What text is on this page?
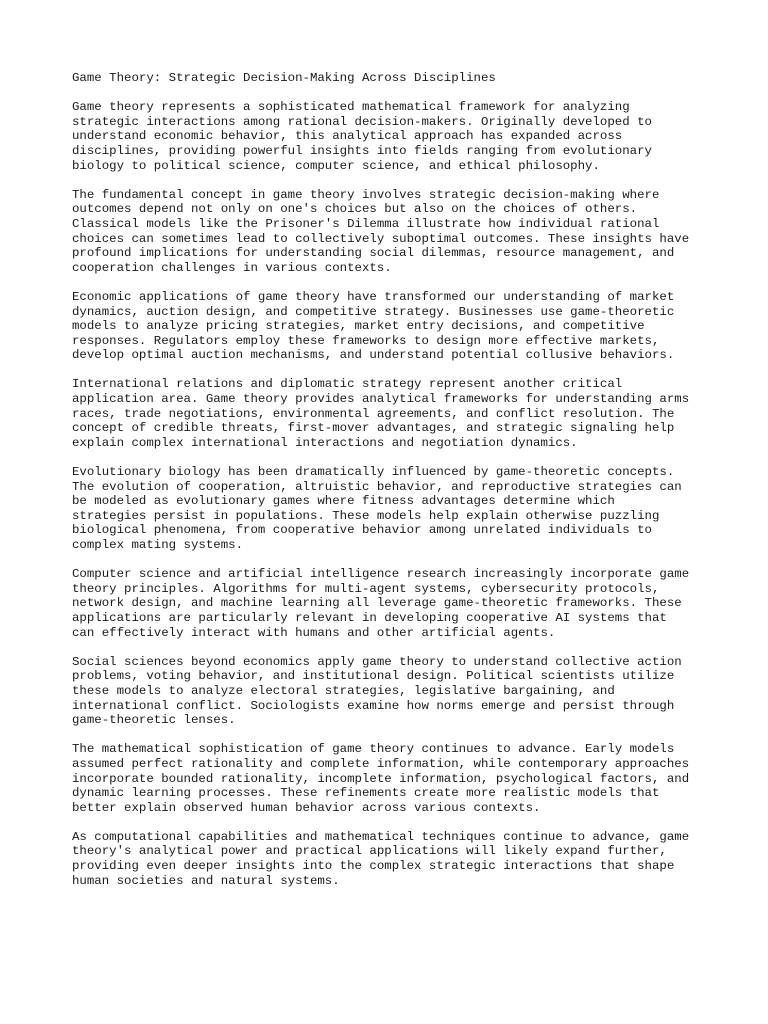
Game Theory: Strategic Decision-Making Across Disciplines
Game theory represents a sophisticated mathematical framework for analyzing
strategic interactions among rational decision-makers. Originally developed to
understand economic behavior, this analytical approach has expanded across
disciplines, providing powerful insights into fields ranging from evolutionary
biology to political science, computer science, and ethical philosophy.
The fundamental concept in game theory involves strategic decision-making where
outcomes depend not only on one's choices but also on the choices of others.
Classical models like the Prisoner's Dilemma illustrate how individual rational
choices can sometimes lead to collectively suboptimal outcomes. These insights have
profound implications for understanding social dilemmas, resource management, and
cooperation challenges in various contexts.
Economic applications of game theory have transformed our understanding of market
dynamics, auction design, and competitive strategy. Businesses use game-theoretic
models to analyze pricing strategies, market entry decisions, and competitive
responses. Regulators employ these frameworks to design more effective markets,
develop optimal auction mechanisms, and understand potential collusive behaviors.
International relations and diplomatic strategy represent another critical
application area. Game theory provides analytical frameworks for understanding arms
races, trade negotiations, environmental agreements, and conflict resolution. The
concept of credible threats, first-mover advantages, and strategic signaling help
explain complex international interactions and negotiation dynamics.
Evolutionary biology has been dramatically influenced by game-theoretic concepts.
The evolution of cooperation, altruistic behavior, and reproductive strategies can
be modeled as evolutionary games where fitness advantages determine which
strategies persist in populations. These models help explain otherwise puzzling
biological phenomena, from cooperative behavior among unrelated individuals to
complex mating systems.
Computer science and artificial intelligence research increasingly incorporate game
theory principles. Algorithms for multi-agent systems, cybersecurity protocols,
network design, and machine learning all leverage game-theoretic frameworks. These
applications are particularly relevant in developing cooperative AI systems that
can effectively interact with humans and other artificial agents.
Social sciences beyond economics apply game theory to understand collective action
problems, voting behavior, and institutional design. Political scientists utilize
these models to analyze electoral strategies, legislative bargaining, and
international conflict. Sociologists examine how norms emerge and persist through
game-theoretic lenses.
The mathematical sophistication of game theory continues to advance. Early models
assumed perfect rationality and complete information, while contemporary approaches
incorporate bounded rationality, incomplete information, psychological factors, and
dynamic learning processes. These refinements create more realistic models that
better explain observed human behavior across various contexts.
As computational capabilities and mathematical techniques continue to advance, game
theory's analytical power and practical applications will likely expand further,
providing even deeper insights into the complex strategic interactions that shape
human societies and natural systems.
